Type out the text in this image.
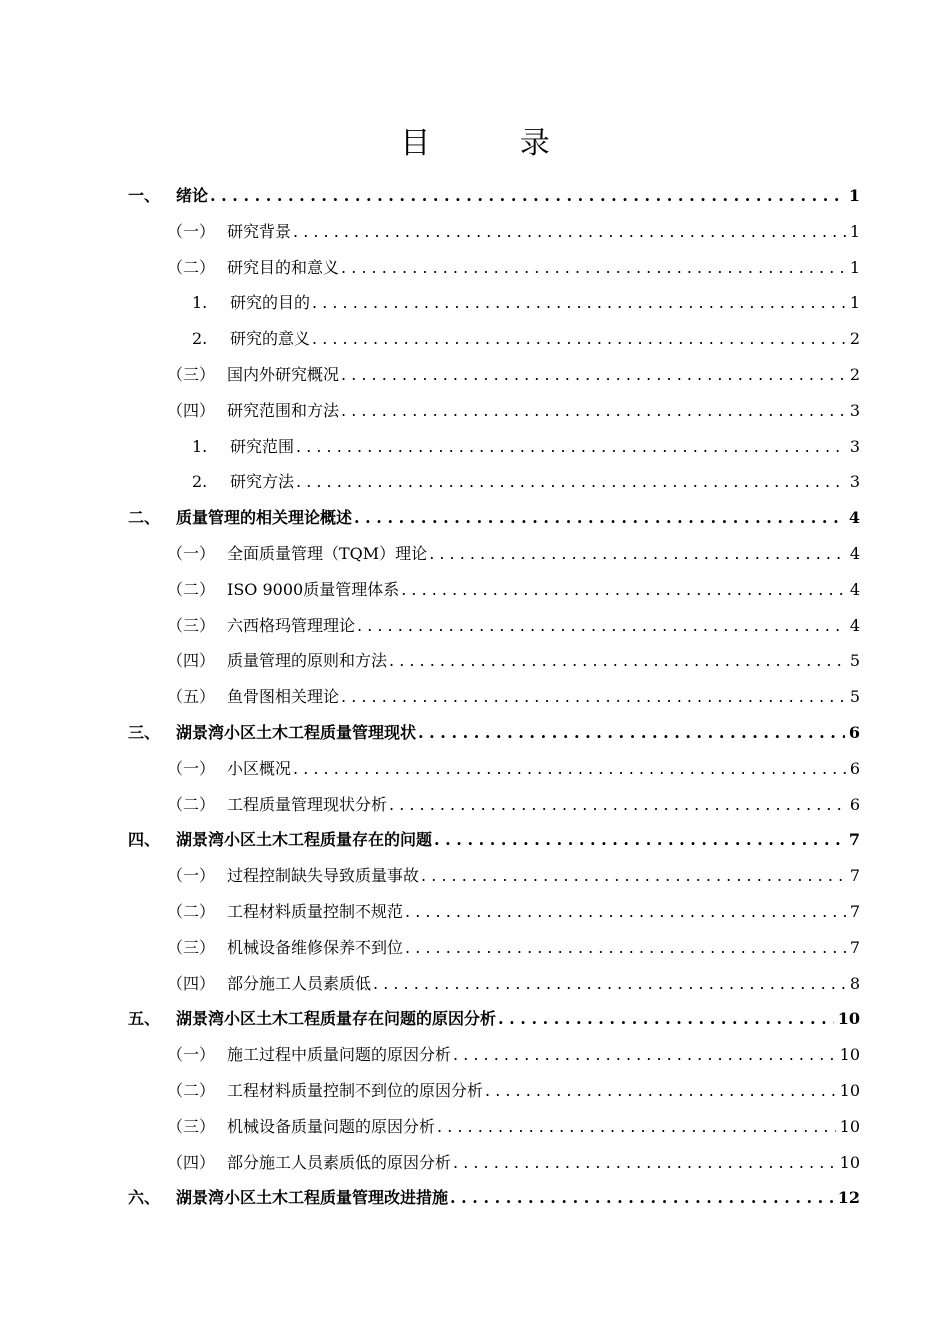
目 录
一、 绪论 . . .	1
（一） 研究背景 . . .	1
（二） 研究目的和意义 . . .	1
1.	研究的目的 . . .	1
2.	研究的意义 . . .	2
（三） 国内外研究概况 . . .	2
（四） 研究范围和方法 . . .	3
1.	研究范围 . . .	3
2.	研究方法 . . .	3
二、 质量管理的相关理论概述 . . .	4
（一） 全面质量管理（TQM）理论 . . .	4
（二） ISO 9000质量管理体系 . . .	4
（三） 六西格玛管理理论 . . .	4
（四） 质量管理的原则和方法 . . .	5
（五） 鱼骨图相关理论 . . .	5
三、 湖景湾小区土木工程质量管理现状 . . .	6
（一） 小区概况 . . .	6
（二） 工程质量管理现状分析 . . .	6
四、 湖景湾小区土木工程质量存在的问题 . . .	7
（一） 过程控制缺失导致质量事故 . . .	7
（二） 工程材料质量控制不规范 . . .	7
（三） 机械设备维修保养不到位 . . .	7
（四） 部分施工人员素质低 . . .	8
五、 湖景湾小区土木工程质量存在问题的原因分析 . . .	10
（一） 施工过程中质量问题的原因分析 . . .	10
（二） 工程材料质量控制不到位的原因分析 . . .	10
（三） 机械设备质量问题的原因分析 . . .	10
（四） 部分施工人员素质低的原因分析 . . .	10
六、 湖景湾小区土木工程质量管理改进措施 . . .	12
